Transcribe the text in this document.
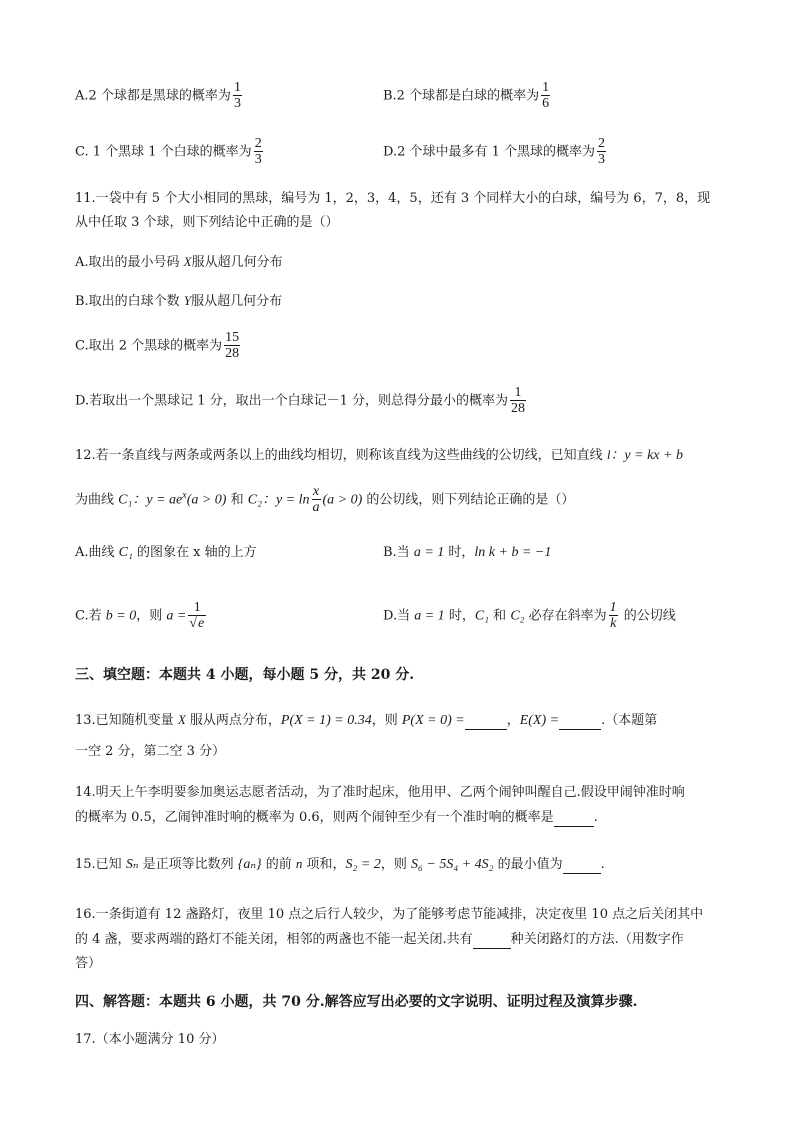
A.2 个球都是黑球的概率为 $\frac{1}{3}$	B.2 个球都是白球的概率为 $\frac{1}{6}$
C. 1 个黑球 1 个白球的概率为 $\frac{2}{3}$	D.2 个球中最多有 1 个黑球的概率为 $\frac{2}{3}$
11.一袋中有 5 个大小相同的黑球，编号为 1，2，3，4，5，还有 3 个同样大小的白球，编号为 6，7，8，现
从中任取 3 个球，则下列结论中正确的是（）
A.取出的最小号码 X服从超几何分布
B.取出的白球个数 Y服从超几何分布
C.取出 2 个黑球的概率为 $\frac{15}{28}$
D.若取出一个黑球记 1 分，取出一个白球记－1 分，则总得分最小的概率为 $\frac{1}{28}$
12.若一条直线与两条或两条以上的曲线均相切，则称该直线为这些曲线的公切线，已知直线 l：y = kx + b
为曲线 C₁：$y = ae^x(a > 0)$ 和 C₂：$y = \ln \frac{x}{a} (a > 0)$ 的公切线，则下列结论正确的是（）
A.曲线 C₁ 的图象在 x 轴的上方	B.当 a = 1 时，ln k + b = −1
C.若 b = 0，则 $a = \frac{1}{√e}$	D.当 a = 1 时，C₁ 和 C₂ 必存在斜率为 $\frac{1}{k}$ 的公切线
三、填空题：本题共 4 小题，每小题 5 分，共 20 分.
13.已知随机变量 X 服从两点分布，P(X = 1) = 0.34，则 P(X = 0) =	，E(X) =	.（本题第
一空 2 分，第二空 3 分）
14.明天上午李明要参加奥运志愿者活动，为了准时起床，他用甲、乙两个闹钟叫醒自己.假设甲闹钟准时响
的概率为 0.5，乙闹钟准时响的概率为 0.6，则两个闹钟至少有一个准时响的概率是	.
15.已知 Sₙ 是正项等比数列 {aₙ} 的前 n 项和，S₂ = 2，则 S₆ − 5S₄ + 4S₂ 的最小值为	.
16.一条街道有 12 盏路灯，夜里 10 点之后行人较少，为了能够考虑节能减排，决定夜里 10 点之后关闭其中
的 4 盏，要求两端的路灯不能关闭，相邻的两盏也不能一起关闭.共有	种关闭路灯的方法.（用数字作
答）
四、解答题：本题共 6 小题，共 70 分.解答应写出必要的文字说明、证明过程及演算步骤.
17.（本小题满分 10 分）
